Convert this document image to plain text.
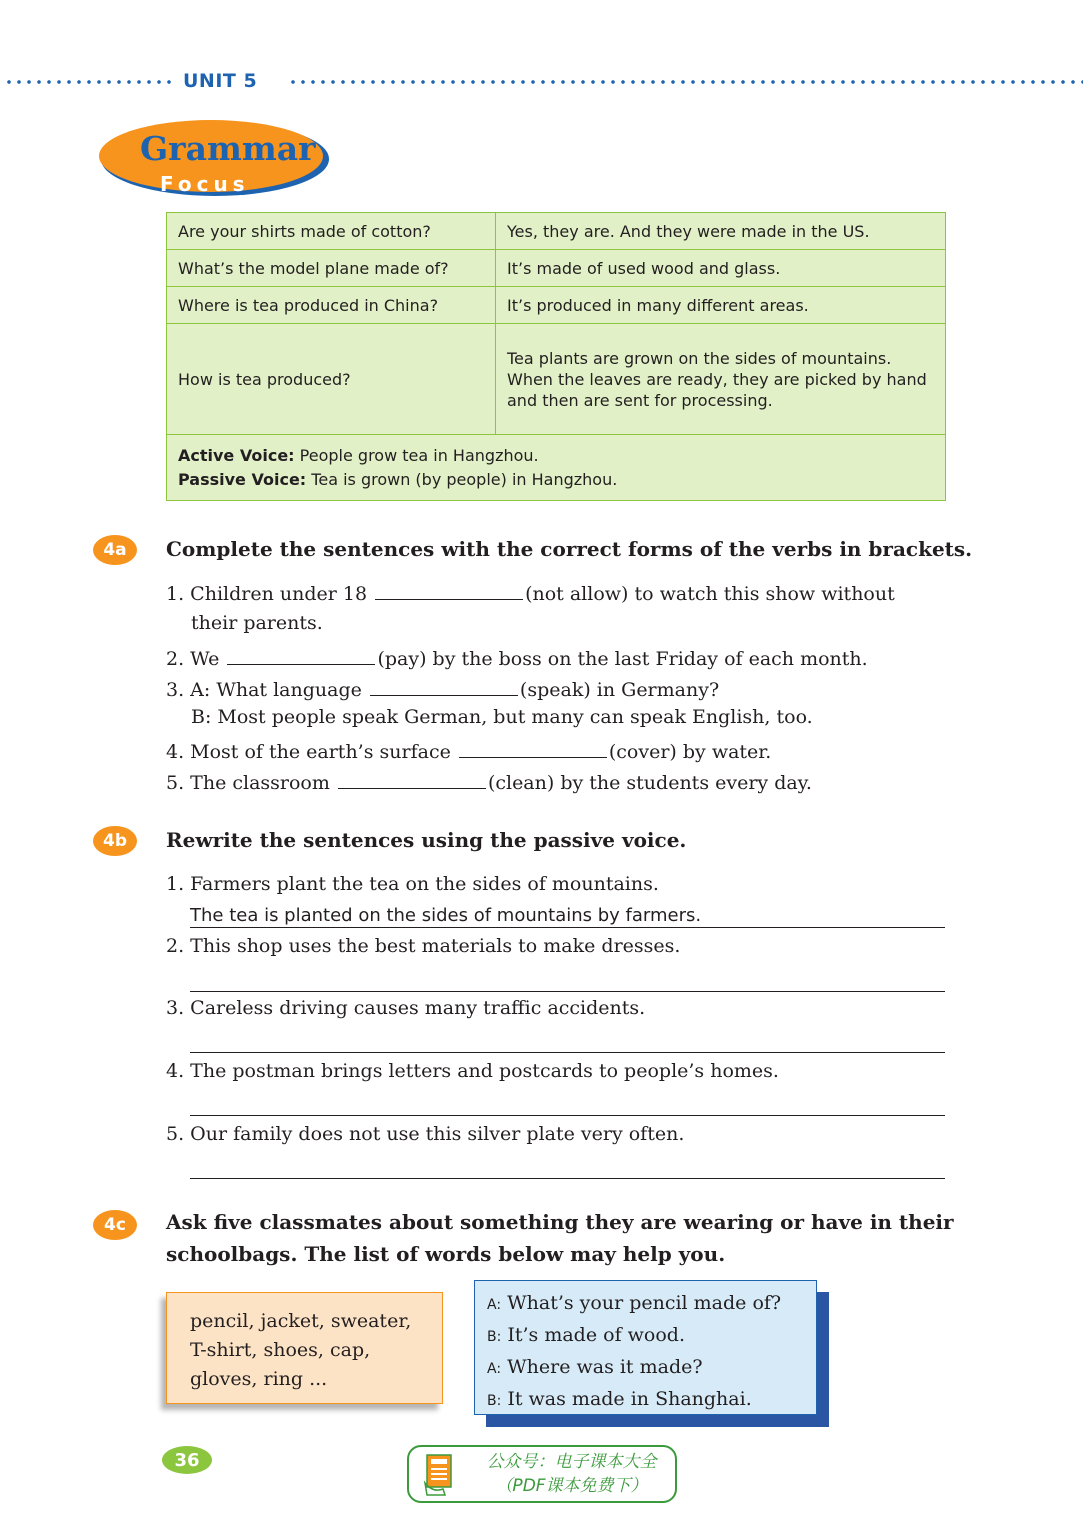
UNIT 5
Grammar
Focus
Are your shirts made of cotton?	Yes, they are. And they were made in the US.
What’s the model plane made of?	It’s made of used wood and glass.
Where is tea produced in China?	It’s produced in many different areas.
How is tea produced?	Tea plants are grown on the sides of mountains. When the leaves are ready, they are picked by hand and then are sent for processing.

Active Voice: People grow tea in Hangzhou.
Passive Voice: Tea is grown (by people) in Hangzhou.	
4a	Complete the sentences with the correct forms of the verbs in brackets.
1. Children under 18	(not allow) to watch this show without
their parents.
2. We	(pay) by the boss on the last Friday of each month.
3. A: What language	(speak) in Germany?
B: Most people speak German, but many can speak English, too.
4. Most of the earth’s surface	(cover) by water.
5. The classroom	(clean) by the students every day.
4b	Rewrite the sentences using the passive voice.
1. Farmers plant the tea on the sides of mountains.
The tea is planted on the sides of mountains by farmers.
2. This shop uses the best materials to make dresses.
3. Careless driving causes many traffic accidents.
4. The postman brings letters and postcards to people’s homes.
5. Our family does not use this silver plate very often.
4c	Ask five classmates about something they are wearing or have in their
schoolbags. The list of words below may help you.
pencil, jacket, sweater,
T-shirt, shoes, cap,
gloves, ring ...
A: What’s your pencil made of?
B: It’s made of wood.
A: Where was it made?
B: It was made in Shanghai.
36	公众号：电子课本大全
（PDF课本免费下）
